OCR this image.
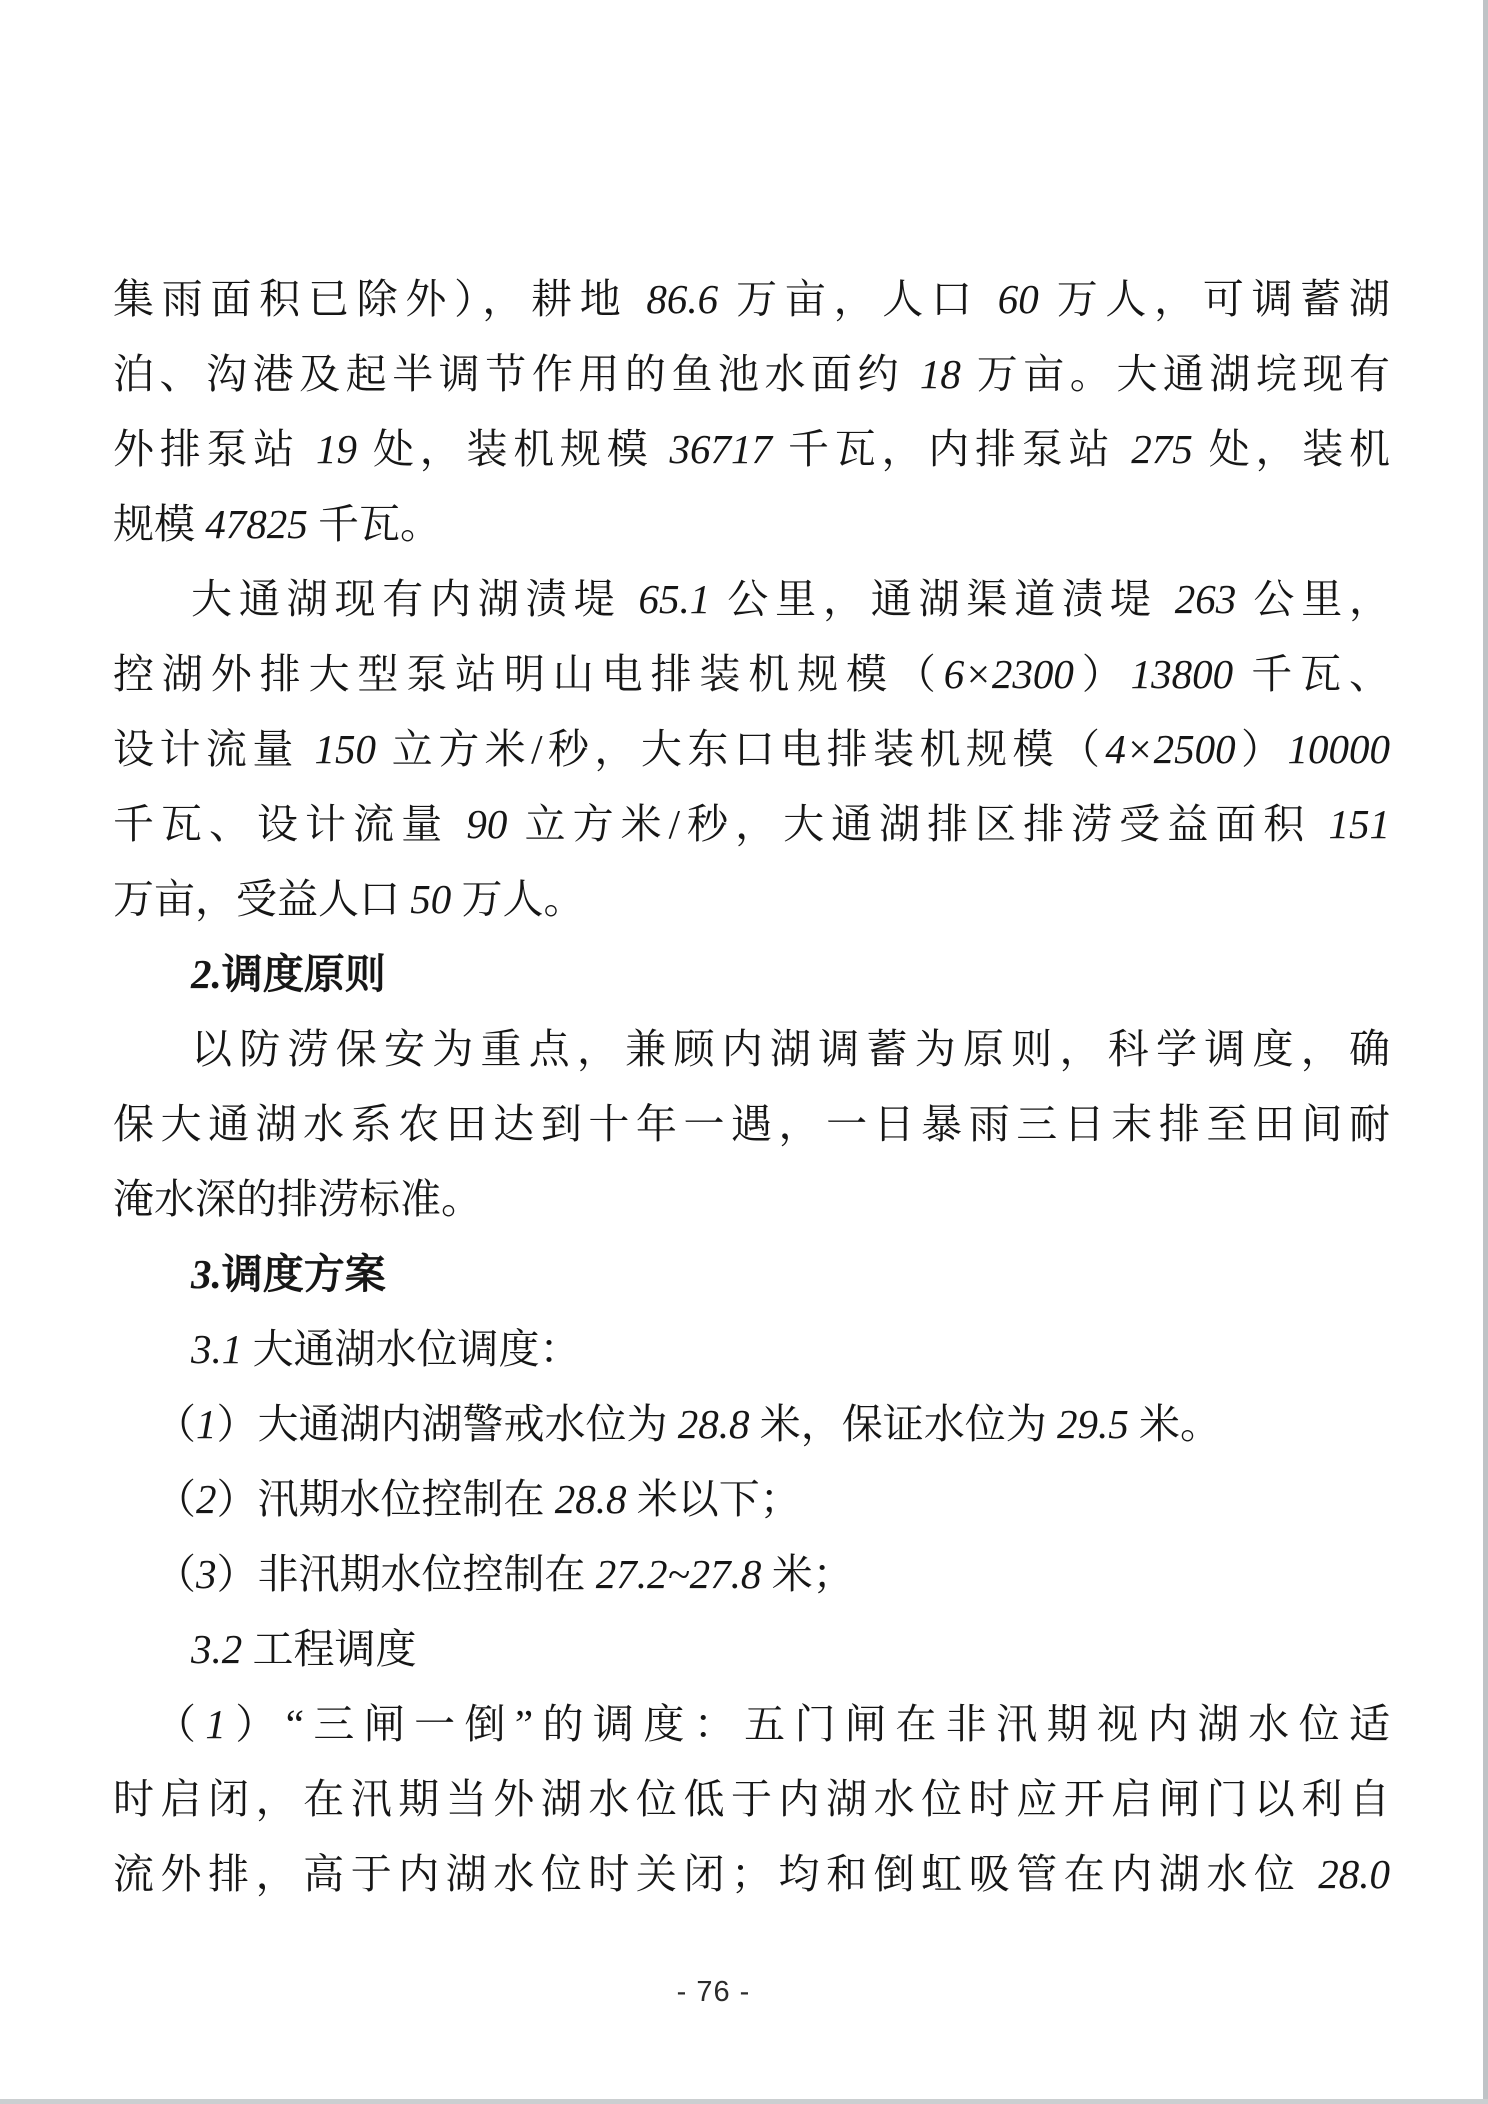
集雨面积已除外），耕地 86.6 万亩，人口 60 万人，可调蓄湖
泊、沟港及起半调节作用的鱼池水面约 18 万亩。大通湖垸现有
外排泵站 19 处，装机规模 36717 千瓦，内排泵站 275 处，装机
规模 47825 千瓦。
大通湖现有内湖渍堤 65.1 公里，通湖渠道渍堤 263 公里，
控湖外排大型泵站明山电排装机规模（6×2300）13800 千瓦、
设计流量 150 立方米/秒，大东口电排装机规模（4×2500）10000
千瓦、设计流量 90 立方米/秒，大通湖排区排涝受益面积 151
万亩，受益人口 50 万人。
2.调度原则
以防涝保安为重点，兼顾内湖调蓄为原则，科学调度，确
保大通湖水系农田达到十年一遇，一日暴雨三日末排至田间耐
淹水深的排涝标准。
3.调度方案
3.1 大通湖水位调度：
（1）大通湖内湖警戒水位为 28.8 米，保证水位为 29.5 米。
（2）汛期水位控制在 28.8 米以下；
（3）非汛期水位控制在 27.2~27.8 米；
3.2 工程调度
（1）“三闸一倒”的调度：五门闸在非汛期视内湖水位适
时启闭，在汛期当外湖水位低于内湖水位时应开启闸门以利自
流外排，高于内湖水位时关闭；均和倒虹吸管在内湖水位 28.0
- 76 -
